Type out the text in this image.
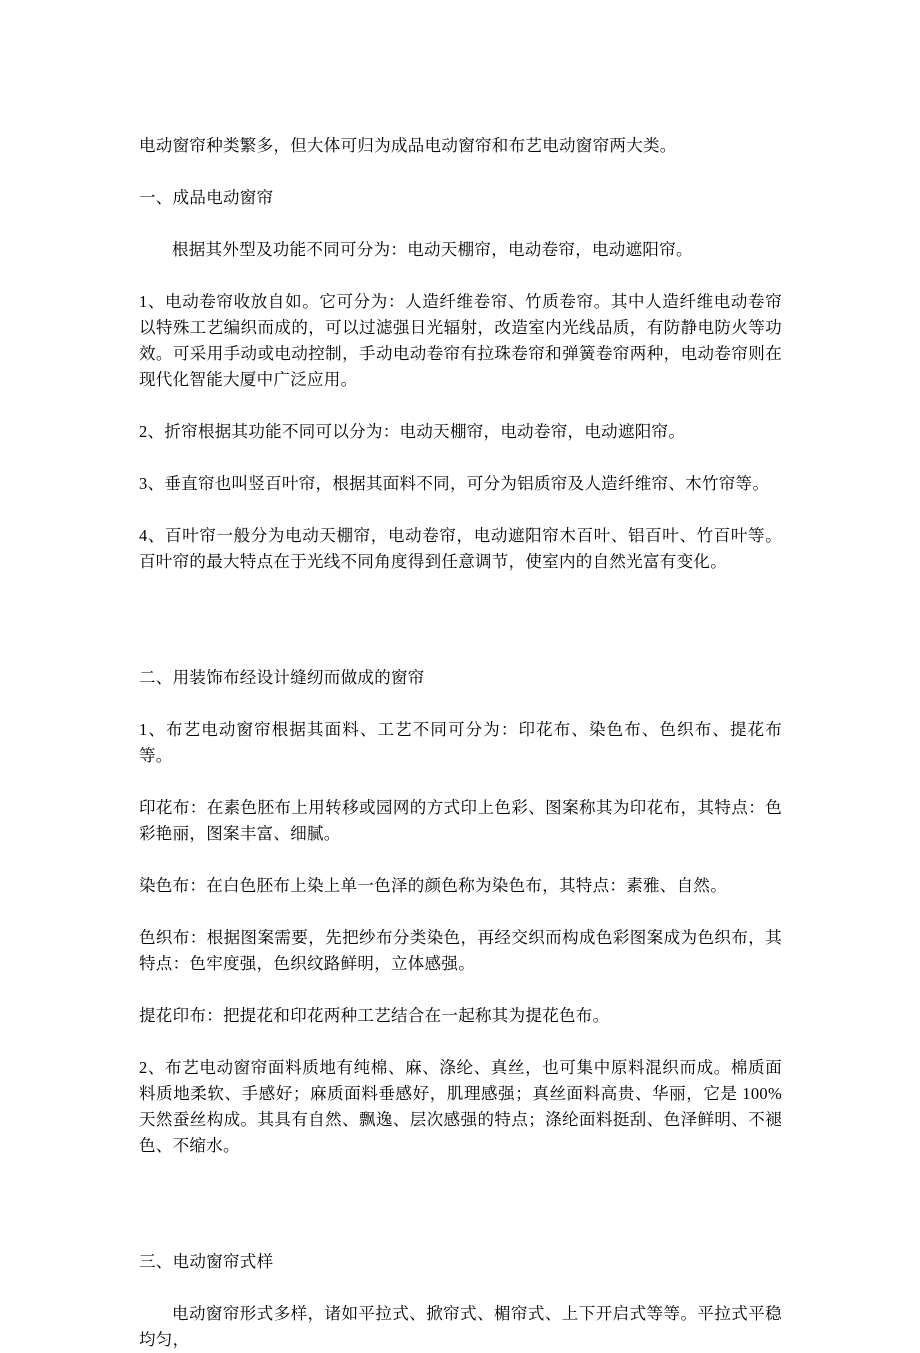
电动窗帘种类繁多，但大体可归为成品电动窗帘和布艺电动窗帘两大类。

一、成品电动窗帘

根据其外型及功能不同可分为：电动天棚帘，电动卷帘，电动遮阳帘。

1、电动卷帘收放自如。它可分为：人造纤维卷帘、竹质卷帘。其中人造纤维电动卷帘以特殊工艺编织而成的，可以过滤强日光辐射，改造室内光线品质，有防静电防火等功效。可采用手动或电动控制，手动电动卷帘有拉珠卷帘和弹簧卷帘两种，电动卷帘则在现代化智能大厦中广泛应用。

2、折帘根据其功能不同可以分为：电动天棚帘，电动卷帘，电动遮阳帘。

3、垂直帘也叫竖百叶帘，根据其面料不同，可分为铝质帘及人造纤维帘、木竹帘等。

4、百叶帘一般分为电动天棚帘，电动卷帘，电动遮阳帘木百叶、铝百叶、竹百叶等。百叶帘的最大特点在于光线不同角度得到任意调节，使室内的自然光富有变化。

二、用装饰布经设计缝纫而做成的窗帘

1、布艺电动窗帘根据其面料、工艺不同可分为：印花布、染色布、色织布、提花布等。

印花布：在素色胚布上用转移或园网的方式印上色彩、图案称其为印花布，其特点：色彩艳丽，图案丰富、细腻。

染色布：在白色胚布上染上单一色泽的颜色称为染色布，其特点：素雅、自然。

色织布：根据图案需要，先把纱布分类染色，再经交织而构成色彩图案成为色织布，其特点：色牢度强，色织纹路鲜明，立体感强。

提花印布：把提花和印花两种工艺结合在一起称其为提花色布。

2、布艺电动窗帘面料质地有纯棉、麻、涤纶、真丝，也可集中原料混织而成。棉质面料质地柔软、手感好；麻质面料垂感好，肌理感强；真丝面料高贵、华丽，它是 100%天然蚕丝构成。其具有自然、飘逸、层次感强的特点；涤纶面料挺刮、色泽鲜明、不褪色、不缩水。

三、电动窗帘式样

电动窗帘形式多样，诸如平拉式、掀帘式、楣帘式、上下开启式等等。平拉式平稳均匀，
